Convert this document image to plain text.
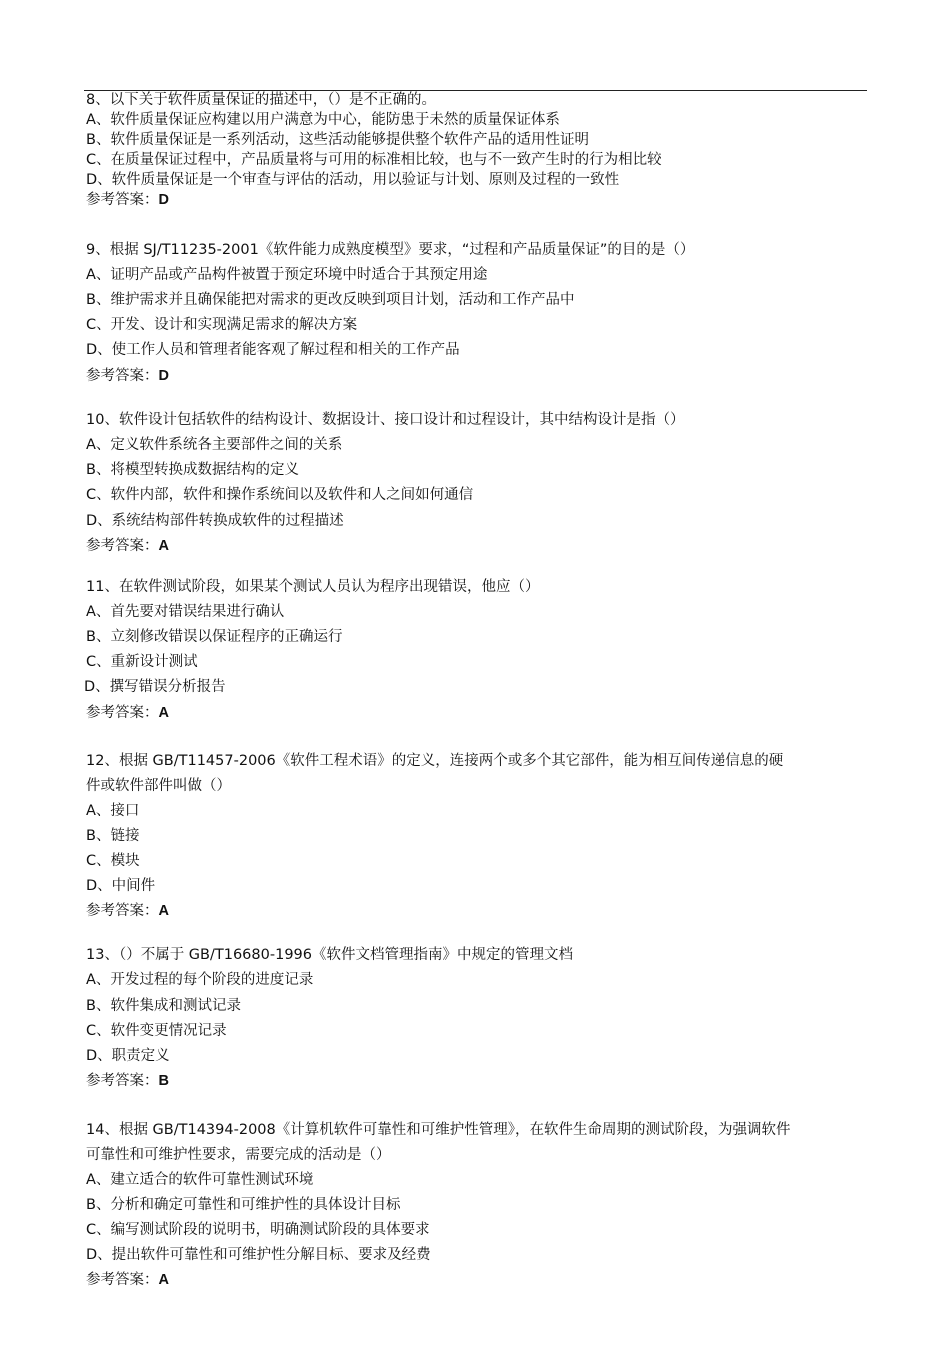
8、以下关于软件质量保证的描述中，（）是不正确的。
A、软件质量保证应构建以用户满意为中心，能防患于未然的质量保证体系
B、软件质量保证是一系列活动，这些活动能够提供整个软件产品的适用性证明
C、在质量保证过程中，产品质量将与可用的标准相比较，也与不一致产生时的行为相比较
D、软件质量保证是一个审查与评估的活动，用以验证与计划、原则及过程的一致性
参考答案：D
9、根据 SJ/T11235-2001《软件能力成熟度模型》要求，“过程和产品质量保证”的目的是（）
A、证明产品或产品构件被置于预定环境中时适合于其预定用途
B、维护需求并且确保能把对需求的更改反映到项目计划，活动和工作产品中
C、开发、设计和实现满足需求的解决方案
D、使工作人员和管理者能客观了解过程和相关的工作产品
参考答案：D
10、软件设计包括软件的结构设计、数据设计、接口设计和过程设计，其中结构设计是指（）
A、定义软件系统各主要部件之间的关系
B、将模型转换成数据结构的定义
C、软件内部，软件和操作系统间以及软件和人之间如何通信
D、系统结构部件转换成软件的过程描述
参考答案：A
11、在软件测试阶段，如果某个测试人员认为程序出现错误，他应（）
A、首先要对错误结果进行确认
B、立刻修改错误以保证程序的正确运行
C、重新设计测试
D、撰写错误分析报告
参考答案：A
12、根据 GB/T11457-2006《软件工程术语》的定义，连接两个或多个其它部件，能为相互间传递信息的硬
件或软件部件叫做（）
A、接口
B、链接
C、模块
D、中间件
参考答案：A
13、（）不属于 GB/T16680-1996《软件文档管理指南》中规定的管理文档
A、开发过程的每个阶段的进度记录
B、软件集成和测试记录
C、软件变更情况记录
D、职责定义
参考答案：B
14、根据 GB/T14394-2008《计算机软件可靠性和可维护性管理》，在软件生命周期的测试阶段，为强调软件
可靠性和可维护性要求，需要完成的活动是（）
A、建立适合的软件可靠性测试环境
B、分析和确定可靠性和可维护性的具体设计目标
C、编写测试阶段的说明书，明确测试阶段的具体要求
D、提出软件可靠性和可维护性分解目标、要求及经费
参考答案：A
